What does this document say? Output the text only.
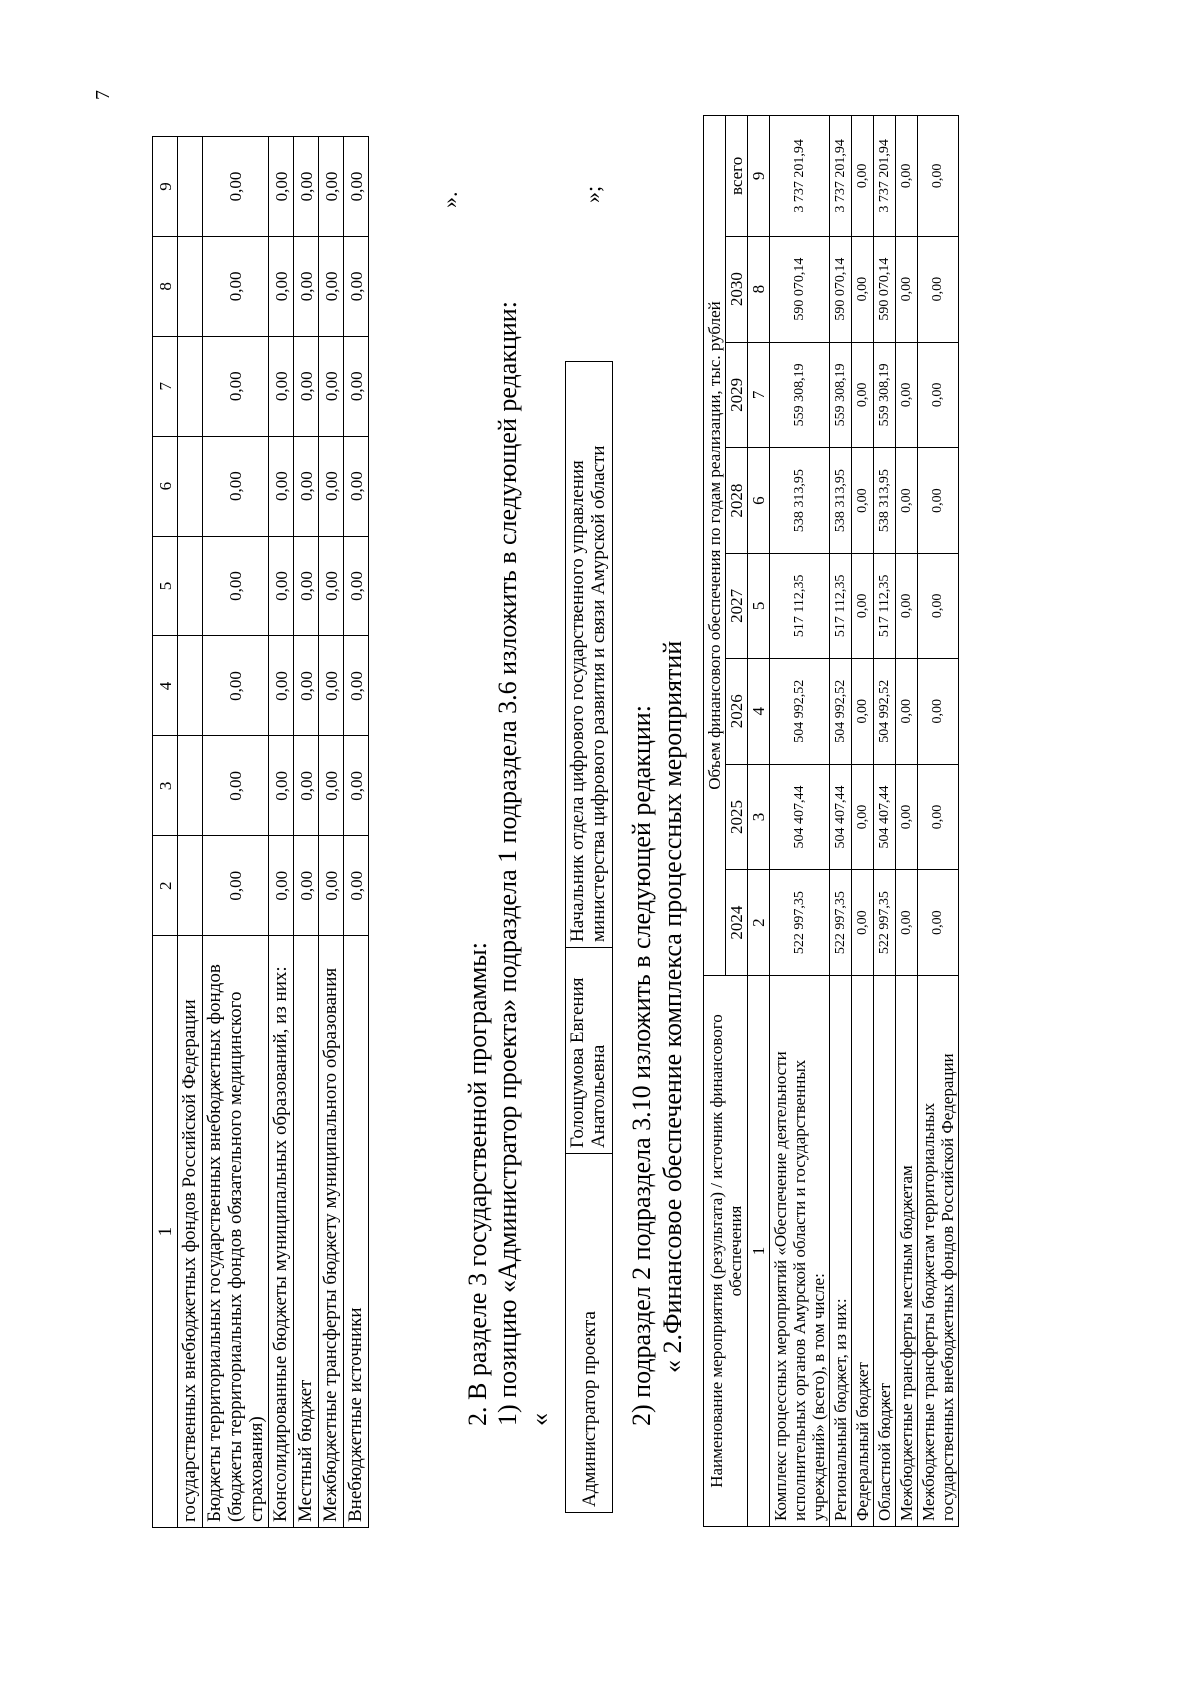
7
1	2	3	4	5	6	7	8	9
государственных внебюджетных фондов Российской Федерации								
Бюджеты территориальных государственных внебюджетных фондов (бюджеты территориальных фондов обязательного медицинского страхования)	0,00	0,00	0,00	0,00	0,00	0,00	0,00	0,00
Консолидированные бюджеты муниципальных образований, из них:	0,00	0,00	0,00	0,00	0,00	0,00	0,00	0,00
Местный бюджет	0,00	0,00	0,00	0,00	0,00	0,00	0,00	0,00
Межбюджетные трансферты бюджету муниципального образования	0,00	0,00	0,00	0,00	0,00	0,00	0,00	0,00
Внебюджетные источники	0,00	0,00	0,00	0,00	0,00	0,00	0,00	0,00	».
2. В разделе 3 государственной программы: 1) позицию «Администратор проекта» подраздела 1 подраздела 3.6 изложить в следующей редакции: « Администратор проекта	Голощумова Евгения Анатольевна	Начальник отдела цифрового государственного управления министерства цифрового развития и связи Амурской области
»;
2) подраздел 2 подраздела 3.10 изложить в следующей редакции: « 2.Финансовое обеспечение комплекса процессных мероприятий Наименование мероприятия (результата) / источник финансового обеспечения	Объем финансового обеспечения по годам реализации, тыс. рублей							
	2024	2025	2026	2027	2028	2029	2030	всего
1	2	3	4	5	6	7	8	9
Комплекс процессных мероприятий «Обеспечение деятельности исполнительных органов Амурской области и государственных учреждений» (всего), в том числе:	522 997,35	504 407,44	504 992,52	517 112,35	538 313,95	559 308,19	590 070,14	3 737 201,94
Региональный бюджет, из них:	522 997,35	504 407,44	504 992,52	517 112,35	538 313,95	559 308,19	590 070,14	3 737 201,94
Федеральный бюджет	0,00	0,00	0,00	0,00	0,00	0,00	0,00	0,00
Областной бюджет	522 997,35	504 407,44	504 992,52	517 112,35	538 313,95	559 308,19	590 070,14	3 737 201,94
Межбюджетные трансферты местным бюджетам	0,00	0,00	0,00	0,00	0,00	0,00	0,00	0,00
Межбюджетные трансферты бюджетам территориальных государственных внебюджетных фондов Российской Федерации	0,00	0,00	0,00	0,00	0,00	0,00	0,00	0,00
